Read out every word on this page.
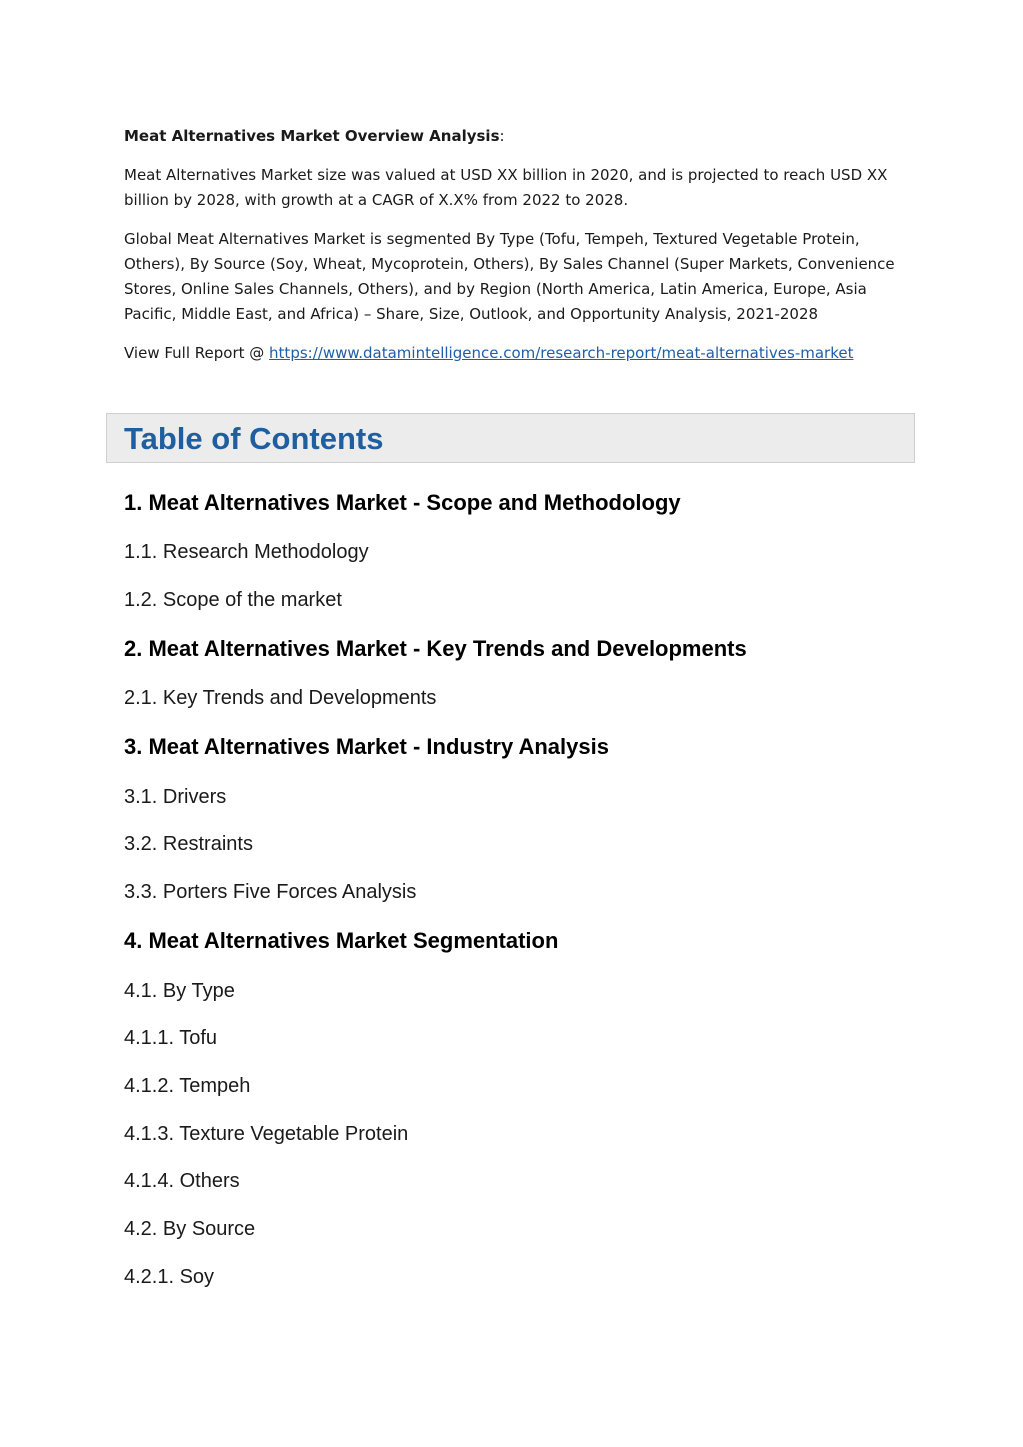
Meat Alternatives Market Overview Analysis:

Meat Alternatives Market size was valued at USD XX billion in 2020, and is projected to reach USD XX billion by 2028, with growth at a CAGR of X.X% from 2022 to 2028.

Global Meat Alternatives Market is segmented By Type (Tofu, Tempeh, Textured Vegetable Protein, Others), By Source (Soy, Wheat, Mycoprotein, Others), By Sales Channel (Super Markets, Convenience Stores, Online Sales Channels, Others), and by Region (North America, Latin America, Europe, Asia Pacific, Middle East, and Africa) – Share, Size, Outlook, and Opportunity Analysis, 2021-2028

View Full Report @ https://www.datamintelligence.com/research-report/meat-alternatives-market

Table of Contents

1. Meat Alternatives Market - Scope and Methodology

1.1. Research Methodology

1.2. Scope of the market

2. Meat Alternatives Market - Key Trends and Developments

2.1. Key Trends and Developments

3. Meat Alternatives Market - Industry Analysis

3.1. Drivers

3.2. Restraints

3.3. Porters Five Forces Analysis

4. Meat Alternatives Market Segmentation

4.1. By Type

4.1.1. Tofu

4.1.2. Tempeh

4.1.3. Texture Vegetable Protein

4.1.4. Others

4.2. By Source

4.2.1. Soy
